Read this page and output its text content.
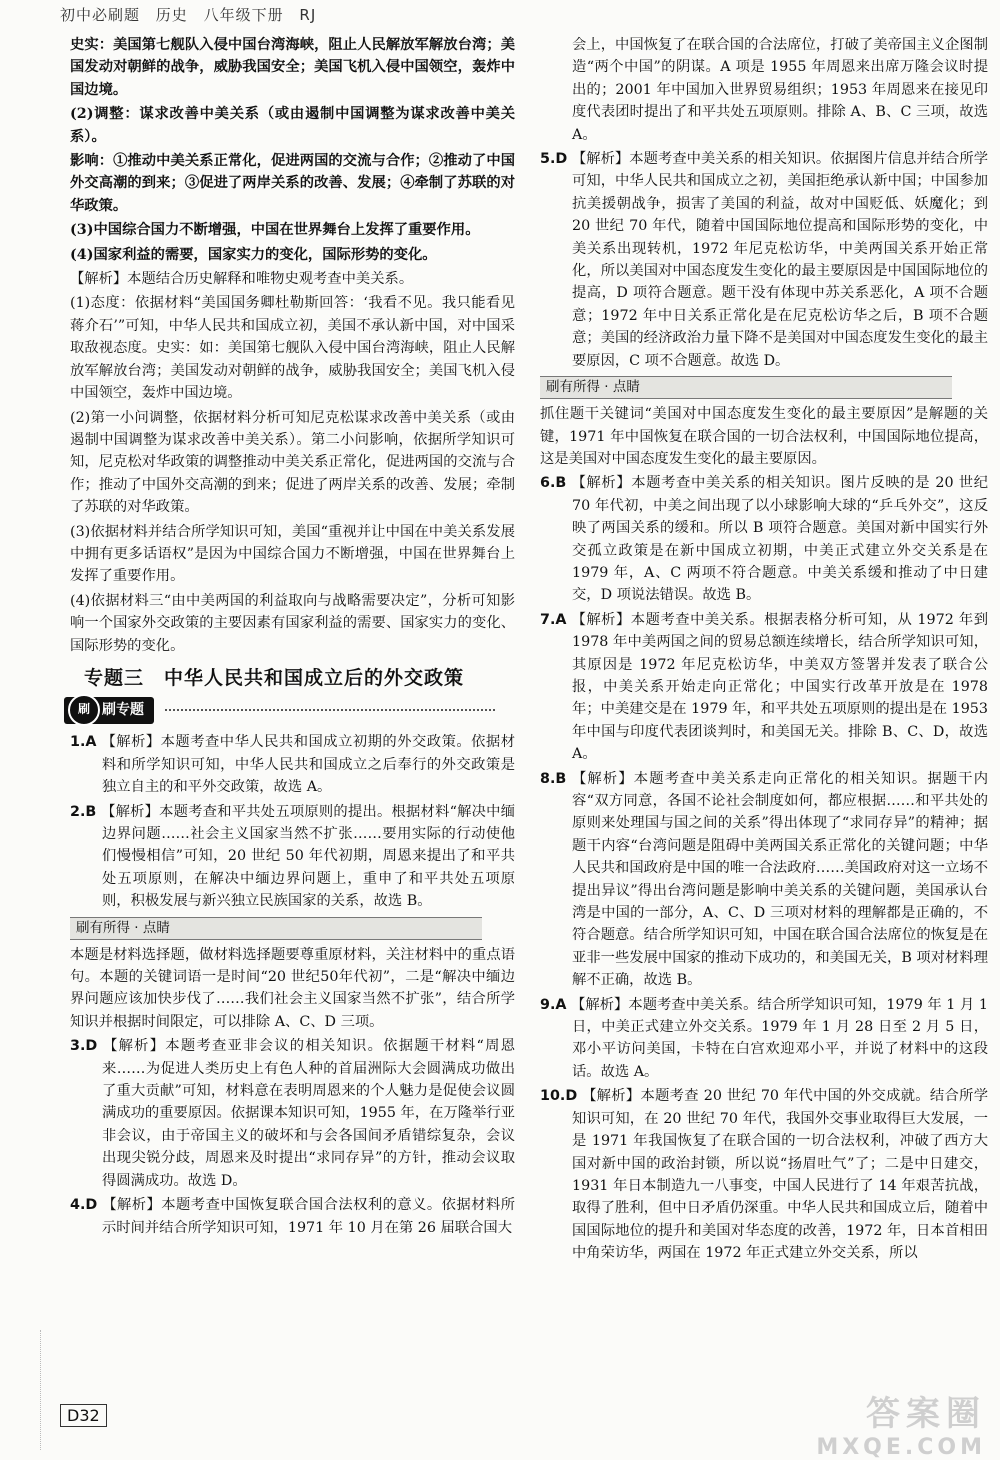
初中必刷题 历史 八年级下册 RJ

史实：美国第七舰队入侵中国台湾海峡，阻止人民解放军解放台湾；美国发动对朝鲜的战争，威胁我国安全；美国飞机入侵中国领空，轰炸中国边境。

(2)调整：谋求改善中美关系（或由遏制中国调整为谋求改善中美关系）。

影响：①推动中美关系正常化，促进两国的交流与合作；②推动了中国外交高潮的到来；③促进了两岸关系的改善、发展；④牵制了苏联的对华政策。

(3)中国综合国力不断增强，中国在世界舞台上发挥了重要作用。

(4)国家利益的需要，国家实力的变化，国际形势的变化。

【解析】本题结合历史解释和唯物史观考查中美关系。

(1)态度：依据材料“美国国务卿杜勒斯回答：‘我看不见。我只能看见蒋介石’”可知，中华人民共和国成立初，美国不承认新中国，对中国采取敌视态度。史实：如：美国第七舰队入侵中国台湾海峡，阻止人民解放军解放台湾；美国发动对朝鲜的战争，威胁我国安全；美国飞机入侵中国领空，轰炸中国边境。

(2)第一小问调整，依据材料分析可知尼克松谋求改善中美关系（或由遏制中国调整为谋求改善中美关系）。第二小问影响，依据所学知识可知，尼克松对华政策的调整推动中美关系正常化，促进两国的交流与合作；推动了中国外交高潮的到来；促进了两岸关系的改善、发展；牵制了苏联的对华政策。

(3)依据材料并结合所学知识可知，美国“重视并让中国在中美关系发展中拥有更多话语权”是因为中国综合国力不断增强，中国在世界舞台上发挥了重要作用。

(4)依据材料三“由中美两国的利益取向与战略需要决定”，分析可知影响一个国家外交政策的主要因素有国家利益的需要、国家实力的变化、国际形势的变化。

专题三　中华人民共和国成立后的外交政策
刷 刷专题

1.A 【解析】本题考查中华人民共和国成立初期的外交政策。依据材料和所学知识可知，中华人民共和国成立之后奉行的外交政策是独立自主的和平外交政策，故选 A。

2.B 【解析】本题考查和平共处五项原则的提出。根据材料“解决中缅边界问题……社会主义国家当然不扩张……要用实际的行动使他们慢慢相信”可知，20 世纪 50 年代初期，周恩来提出了和平共处五项原则，在解决中缅边界问题上，重申了和平共处五项原则，积极发展与新兴独立民族国家的关系，故选 B。

刷有所得 · 点睛

本题是材料选择题，做材料选择题要尊重原材料，关注材料中的重点语句。本题的关键词语一是时间“20 世纪50年代初”，二是“解决中缅边界问题应该加快步伐了……我们社会主义国家当然不扩张”，结合所学知识并根据时间限定，可以排除 A、C、D 三项。

3.D 【解析】本题考查亚非会议的相关知识。依据题干材料“周恩来……为促进人类历史上有色人种的首届洲际大会圆满成功做出了重大贡献”可知，材料意在表明周恩来的个人魅力是促使会议圆满成功的重要原因。依据课本知识可知，1955 年，在万隆举行亚非会议，由于帝国主义的破坏和与会各国间矛盾错综复杂，会议出现尖锐分歧，周恩来及时提出“求同存异”的方针，推动会议取得圆满成功。故选 D。

4.D 【解析】本题考查中国恢复联合国合法权利的意义。依据材料所示时间并结合所学知识可知，1971 年 10 月在第 26 届联合国大

会上，中国恢复了在联合国的合法席位，打破了美帝国主义企图制造“两个中国”的阴谋。A 项是 1955 年周恩来出席万隆会议时提出的；2001 年中国加入世界贸易组织；1953 年周恩来在接见印度代表团时提出了和平共处五项原则。排除 A、B、C 三项，故选 A。

5.D 【解析】本题考查中美关系的相关知识。依据图片信息并结合所学可知，中华人民共和国成立之初，美国拒绝承认新中国；中国参加抗美援朝战争，损害了美国的利益，故对中国贬低、妖魔化；到 20 世纪 70 年代，随着中国国际地位提高和国际形势的变化，中美关系出现转机，1972 年尼克松访华，中美两国关系开始正常化，所以美国对中国态度发生变化的最主要原因是中国国际地位的提高，D 项符合题意。题干没有体现中苏关系恶化，A 项不合题意；1972 年中日关系正常化是在尼克松访华之后，B 项不合题意；美国的经济政治力量下降不是美国对中国态度发生变化的最主要原因，C 项不合题意。故选 D。

刷有所得 · 点睛

抓住题干关键词“美国对中国态度发生变化的最主要原因”是解题的关键，1971 年中国恢复在联合国的一切合法权利，中国国际地位提高，这是美国对中国态度发生变化的最主要原因。

6.B 【解析】本题考查中美关系的相关知识。图片反映的是 20 世纪 70 年代初，中美之间出现了以小球影响大球的“乒乓外交”，这反映了两国关系的缓和。所以 B 项符合题意。美国对新中国实行外交孤立政策是在新中国成立初期，中美正式建立外交关系是在 1979 年，A、C 两项不符合题意。中美关系缓和推动了中日建交，D 项说法错误。故选 B。

7.A 【解析】本题考查中美关系。根据表格分析可知，从 1972 年到 1978 年中美两国之间的贸易总额连续增长，结合所学知识可知，其原因是 1972 年尼克松访华，中美双方签署并发表了联合公报，中美关系开始走向正常化；中国实行改革开放是在 1978 年；中美建交是在 1979 年，和平共处五项原则的提出是在 1953 年中国与印度代表团谈判时，和美国无关。排除 B、C、D，故选 A。

8.B 【解析】本题考查中美关系走向正常化的相关知识。据题干内容“双方同意，各国不论社会制度如何，都应根据……和平共处的原则来处理国与国之间的关系”得出体现了“求同存异”的精神；据题干内容“台湾问题是阻碍中美两国关系正常化的关键问题；中华人民共和国政府是中国的唯一合法政府……美国政府对这一立场不提出异议”得出台湾问题是影响中美关系的关键问题，美国承认台湾是中国的一部分，A、C、D 三项对材料的理解都是正确的，不符合题意。结合所学知识可知，中国在联合国合法席位的恢复是在亚非一些发展中国家的推动下成功的，和美国无关，B 项对材料理解不正确，故选 B。

9.A 【解析】本题考查中美关系。结合所学知识可知，1979 年 1 月 1 日，中美正式建立外交关系。1979 年 1 月 28 日至 2 月 5 日，邓小平访问美国，卡特在白宫欢迎邓小平，并说了材料中的这段话。故选 A。

10.D 【解析】本题考查 20 世纪 70 年代中国的外交成就。结合所学知识可知，在 20 世纪 70 年代，我国外交事业取得巨大发展，一是 1971 年我国恢复了在联合国的一切合法权利，冲破了西方大国对新中国的政治封锁，所以说“扬眉吐气”了；二是中日建交，1931 年日本制造九一八事变，中国人民进行了 14 年艰苦抗战，取得了胜利，但中日矛盾仍深重。中华人民共和国成立后，随着中国国际地位的提升和美国对华态度的改善，1972 年，日本首相田中角荣访华，两国在 1972 年正式建立外交关系，所以

D32	答案圈
MXQE.COM
